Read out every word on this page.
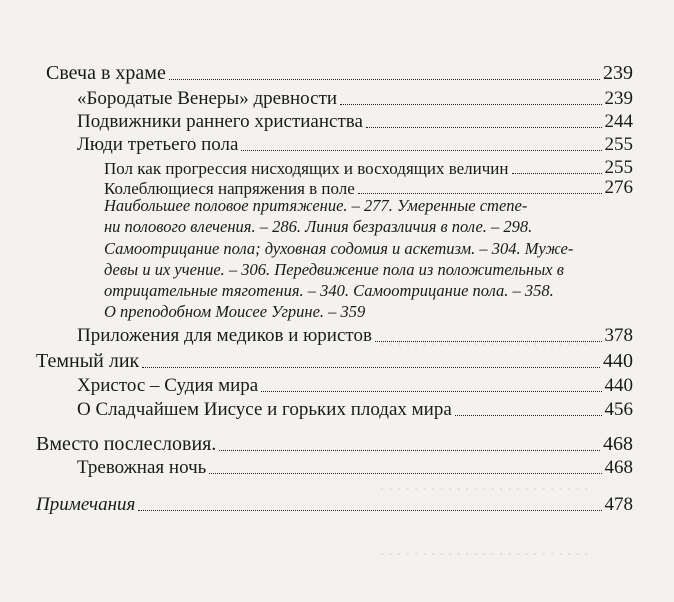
. . . . . . . . . . . . . . . . . . . . . . . . .
. . . . . . . . . . . . . . . . . . . . . . . . .
. . . . . . . . . . . . . . . . . . . . . . . . .
Свеча в храме	239
«Бородатые Венеры» древности	239
Подвижники раннего христианства	244
Люди третьего пола	255
Пол как прогрессия нисходящих и восходящих величин	255
Колеблющиеся напряжения в поле	276
Наибольшее половое притяжение. – 277. Умеренные степе-
ни полового влечения. – 286. Линия безразличия в поле. – 298.
Самоотрицание пола; духовная содомия и аскетизм. – 304. Муже-
девы и их учение. – 306. Передвижение пола из положительных в
отрицательные тяготения. – 340. Самоотрицание пола. – 358.
О преподобном Моисее Угрине. – 359
Приложения для медиков и юристов	378
Темный лик	440
Христос – Судия мира	440
О Сладчайшем Иисусе и горьких плодах мира	456
Вместо послесловия.	468
Тревожная ночь	468
Примечания	478
